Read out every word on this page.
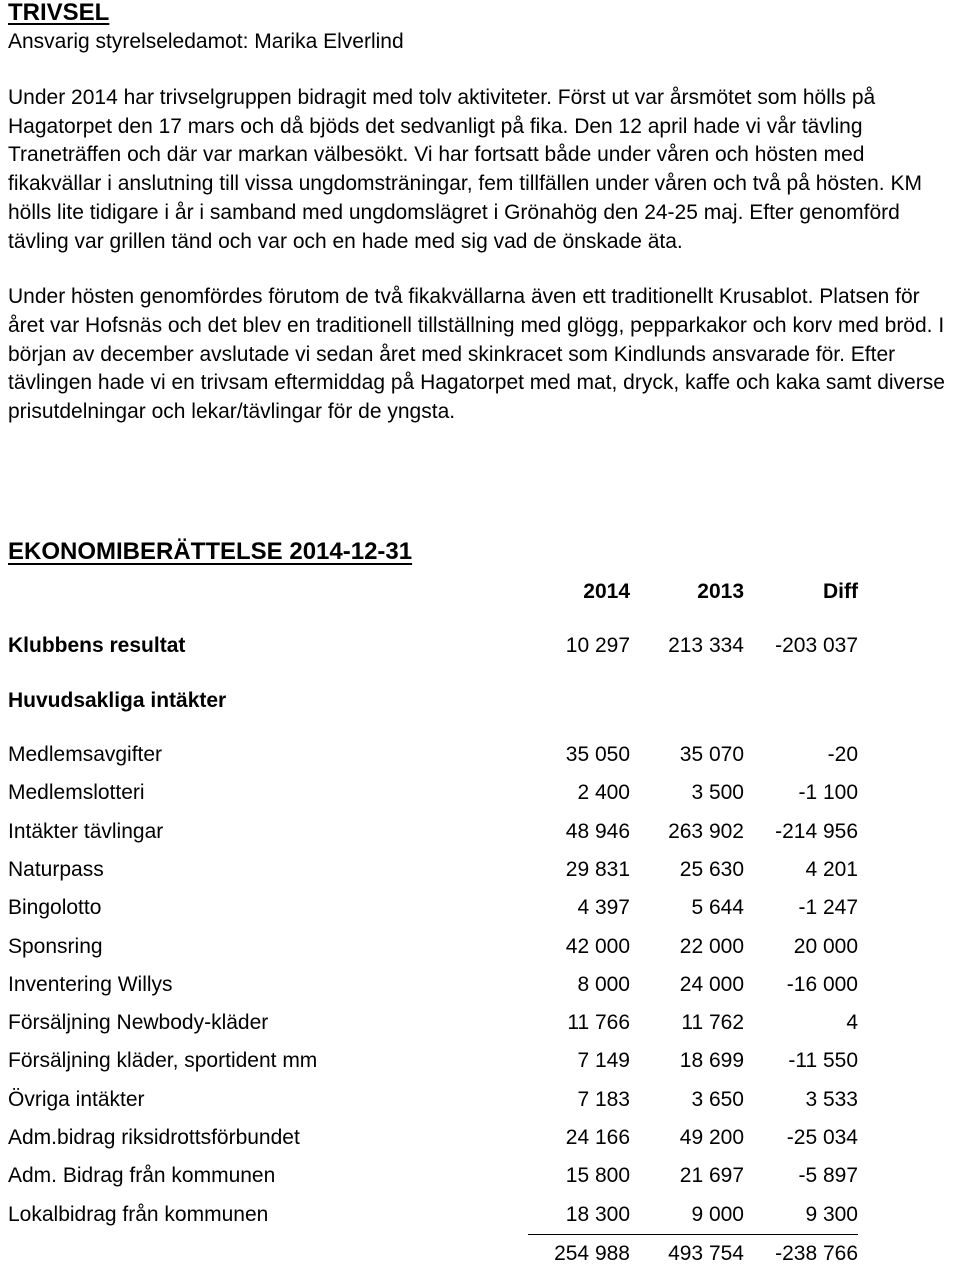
TRIVSEL
Ansvarig styrelseledamot: Marika Elverlind

Under 2014 har trivselgruppen bidragit med tolv aktiviteter. Först ut var årsmötet som hölls på Hagatorpet den 17 mars och då bjöds det sedvanligt på fika. Den 12 april hade vi vår tävling Traneträffen och där var markan välbesökt. Vi har fortsatt både under våren och hösten med fikakvällar i anslutning till vissa ungdomsträningar, fem tillfällen under våren och två på hösten. KM hölls lite tidigare i år i samband med ungdomslägret i Grönahög den 24-25 maj. Efter genomförd tävling var grillen tänd och var och en hade med sig vad de önskade äta.

Under hösten genomfördes förutom de två fikakvällarna även ett traditionellt Krusablot. Platsen för året var Hofsnäs och det blev en traditionell tillställning med glögg, pepparkakor och korv med bröd. I början av december avslutade vi sedan året med skinkracet som Kindlunds ansvarade för. Efter tävlingen hade vi en trivsam eftermiddag på Hagatorpet med mat, dryck, kaffe och kaka samt diverse prisutdelningar och lekar/tävlingar för de yngsta.

EKONOMIBERÄTTELSE 2014-12-31
	2014	2013	Diff

Klubbens resultat	10 297	213 334	-203 037

Huvudsakliga intäkter			

Medlemsavgifter	35 050	35 070	-20
Medlemslotteri	2 400	3 500	-1 100
Intäkter tävlingar	48 946	263 902	-214 956
Naturpass	29 831	25 630	4 201
Bingolotto	4 397	5 644	-1 247
Sponsring	42 000	22 000	20 000
Inventering Willys	8 000	24 000	-16 000
Försäljning Newbody-kläder	11 766	11 762	4
Försäljning kläder, sportident mm	7 149	18 699	-11 550
Övriga intäkter	7 183	3 650	3 533
Adm.bidrag riksidrottsförbundet	24 166	49 200	-25 034
Adm. Bidrag från kommunen	15 800	21 697	-5 897
Lokalbidrag från kommunen	18 300	9 000	9 300
	254 988	493 754	-238 766
